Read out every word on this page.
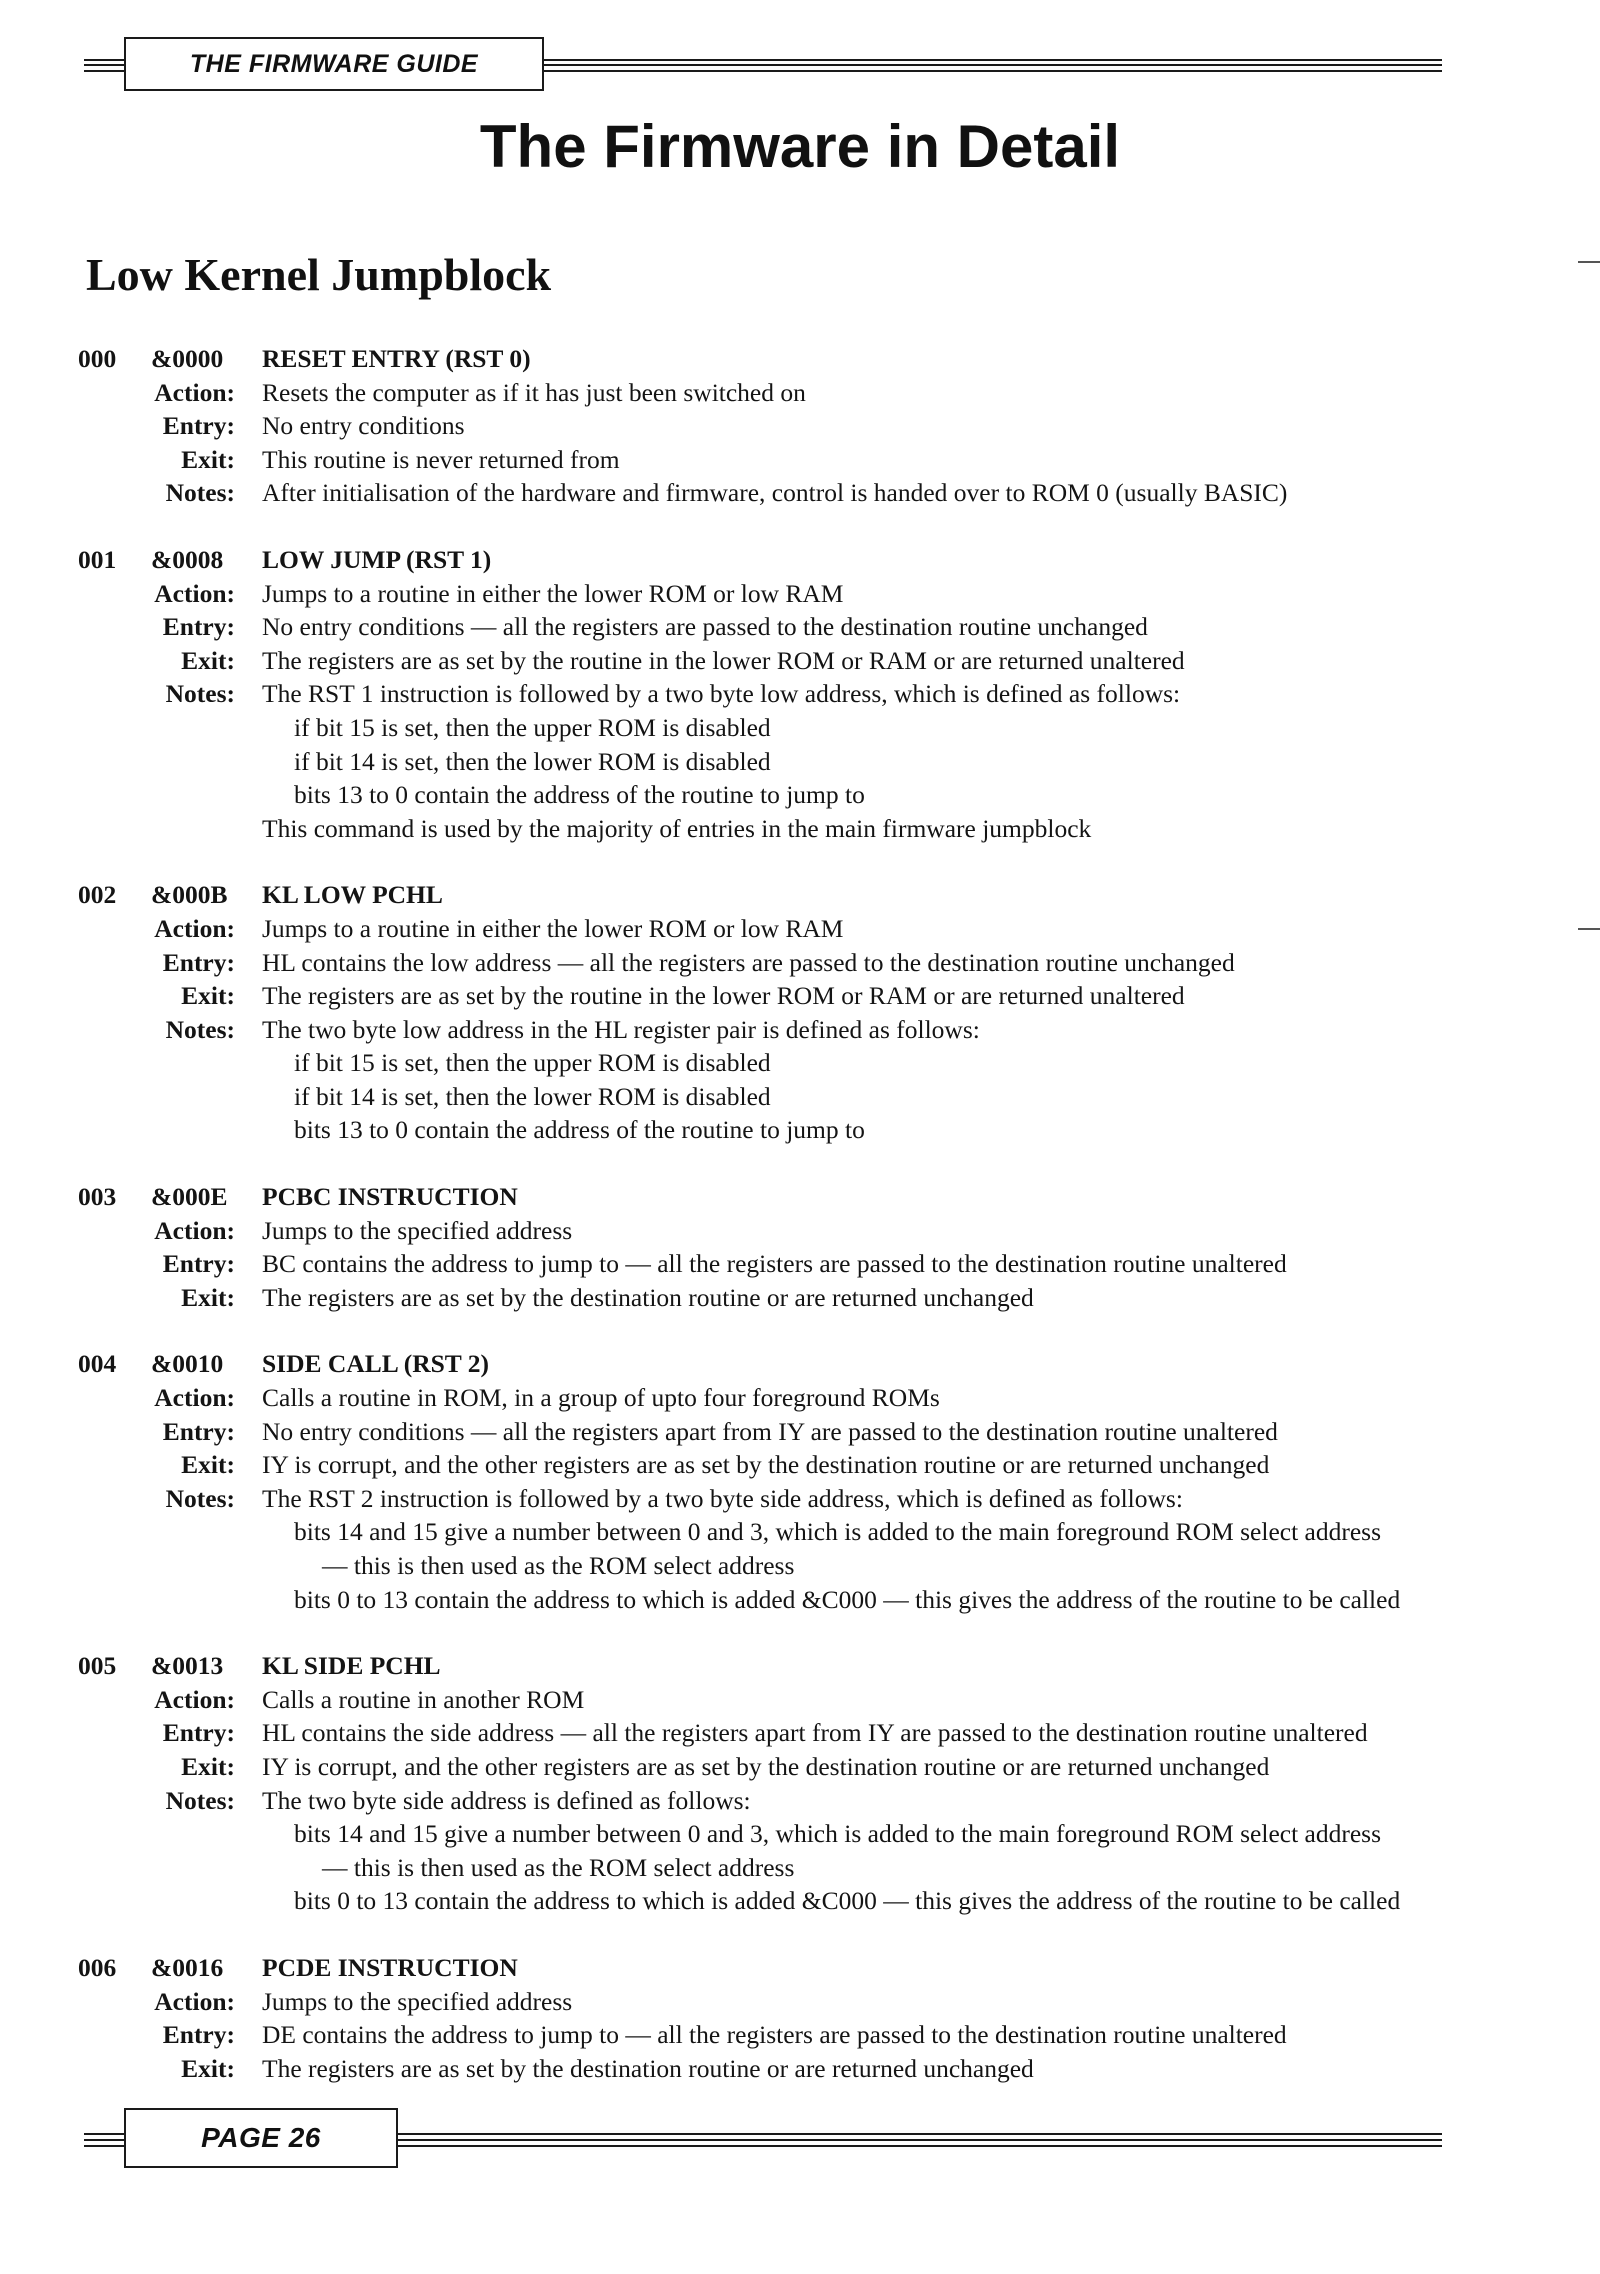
THE FIRMWARE GUIDE
The Firmware in Detail
Low Kernel Jumpblock
000 &0000 RESET ENTRY (RST 0)
Action: Resets the computer as if it has just been switched on
Entry: No entry conditions
Exit: This routine is never returned from
Notes: After initialisation of the hardware and firmware, control is handed over to ROM 0 (usually BASIC)
001 &0008 LOW JUMP (RST 1)
Action: Jumps to a routine in either the lower ROM or low RAM
Entry: No entry conditions — all the registers are passed to the destination routine unchanged
Exit: The registers are as set by the routine in the lower ROM or RAM or are returned unaltered
Notes: The RST 1 instruction is followed by a two byte low address, which is defined as follows:
if bit 15 is set, then the upper ROM is disabled
if bit 14 is set, then the lower ROM is disabled
bits 13 to 0 contain the address of the routine to jump to
This command is used by the majority of entries in the main firmware jumpblock
002 &000B KL LOW PCHL
Action: Jumps to a routine in either the lower ROM or low RAM
Entry: HL contains the low address — all the registers are passed to the destination routine unchanged
Exit: The registers are as set by the routine in the lower ROM or RAM or are returned unaltered
Notes: The two byte low address in the HL register pair is defined as follows:
if bit 15 is set, then the upper ROM is disabled
if bit 14 is set, then the lower ROM is disabled
bits 13 to 0 contain the address of the routine to jump to
003 &000E PCBC INSTRUCTION
Action: Jumps to the specified address
Entry: BC contains the address to jump to — all the registers are passed to the destination routine unaltered
Exit: The registers are as set by the destination routine or are returned unchanged
004 &0010 SIDE CALL (RST 2)
Action: Calls a routine in ROM, in a group of upto four foreground ROMs
Entry: No entry conditions — all the registers apart from IY are passed to the destination routine unaltered
Exit: IY is corrupt, and the other registers are as set by the destination routine or are returned unchanged
Notes: The RST 2 instruction is followed by a two byte side address, which is defined as follows:
bits 14 and 15 give a number between 0 and 3, which is added to the main foreground ROM select address
— this is then used as the ROM select address
bits 0 to 13 contain the address to which is added &C000 — this gives the address of the routine to be called
005 &0013 KL SIDE PCHL
Action: Calls a routine in another ROM
Entry: HL contains the side address — all the registers apart from IY are passed to the destination routine unaltered
Exit: IY is corrupt, and the other registers are as set by the destination routine or are returned unchanged
Notes: The two byte side address is defined as follows:
bits 14 and 15 give a number between 0 and 3, which is added to the main foreground ROM select address
— this is then used as the ROM select address
bits 0 to 13 contain the address to which is added &C000 — this gives the address of the routine to be called
006 &0016 PCDE INSTRUCTION
Action: Jumps to the specified address
Entry: DE contains the address to jump to — all the registers are passed to the destination routine unaltered
Exit: The registers are as set by the destination routine or are returned unchanged
PAGE 26
